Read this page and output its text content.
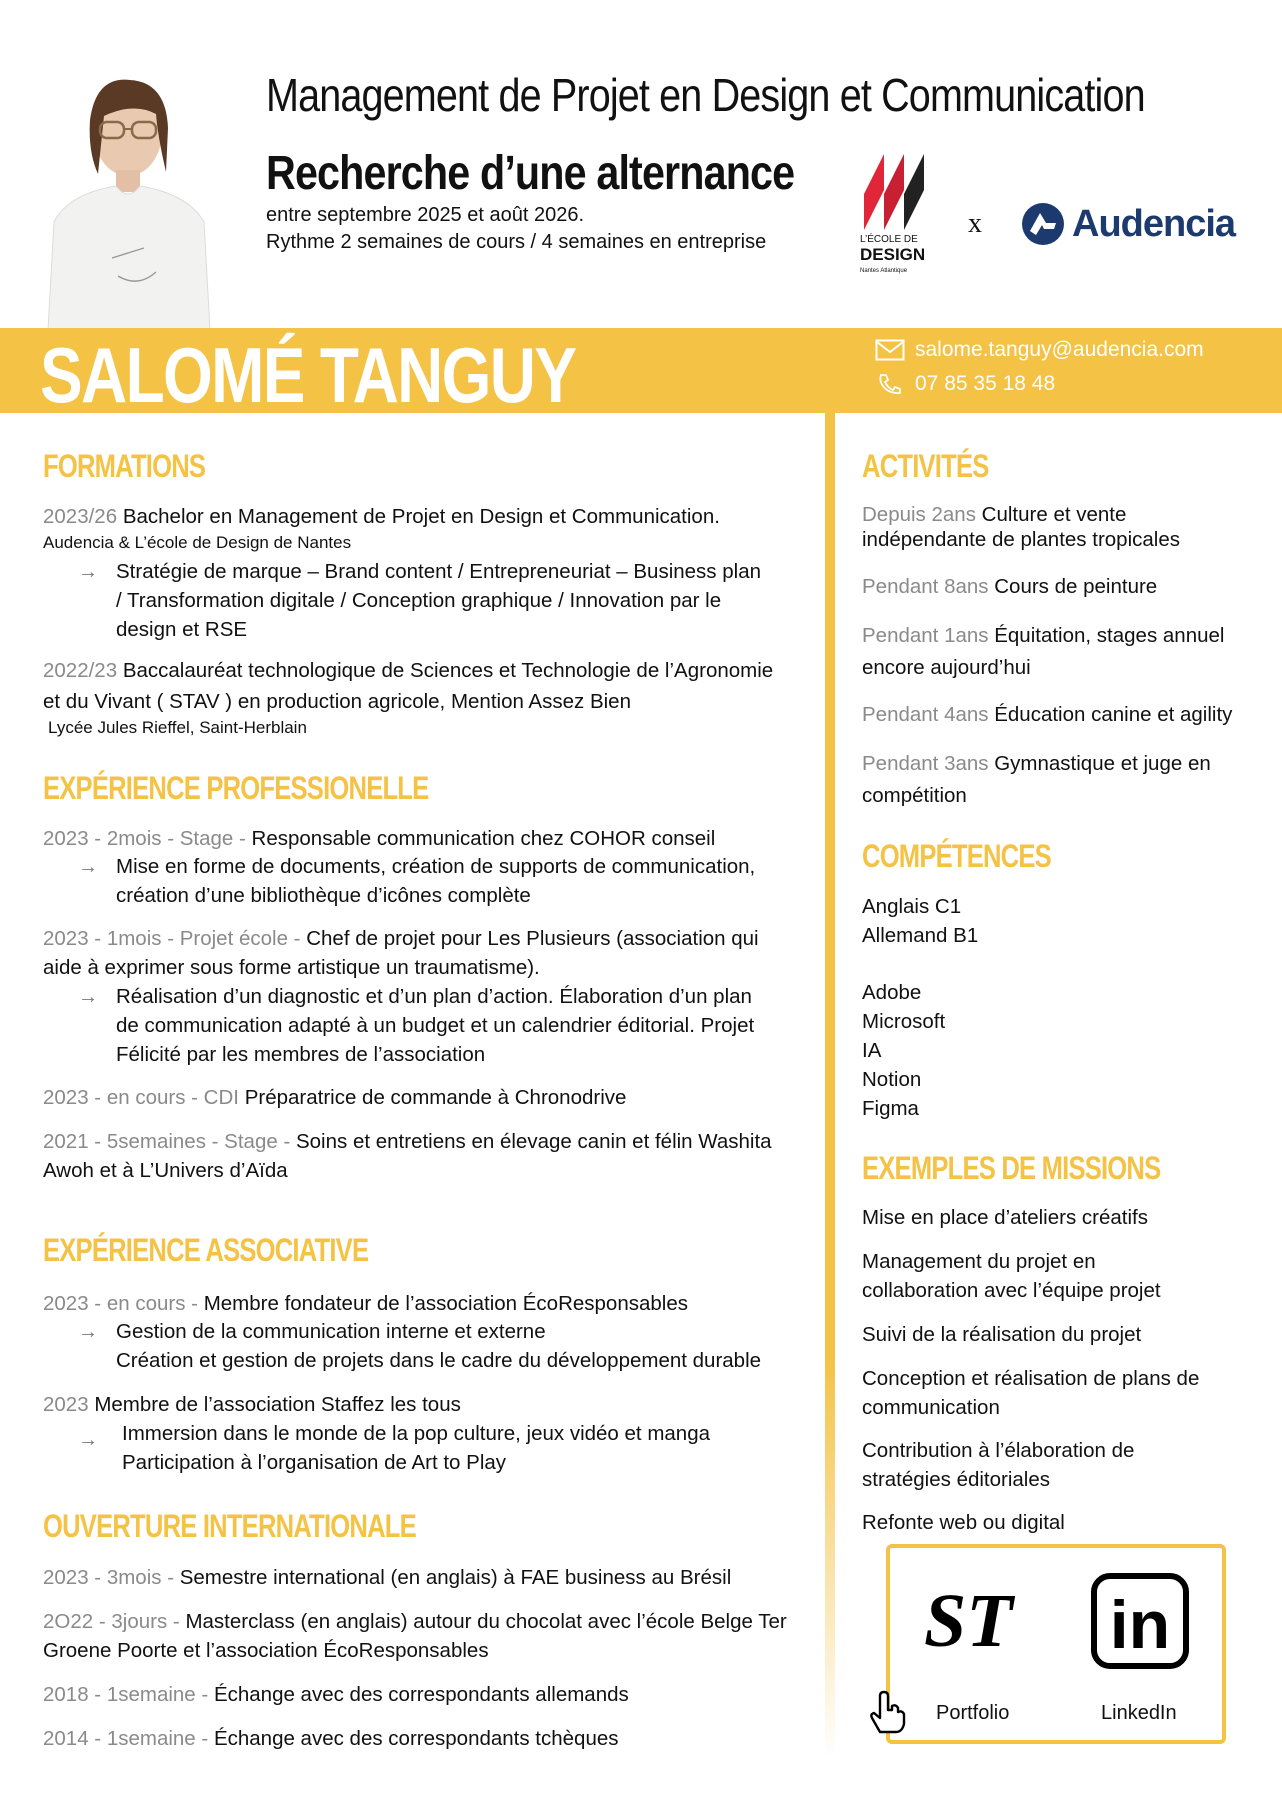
Management de Projet en Design et Communication
Recherche d’une alternance
entre septembre 2025 et août 2026.
Rythme 2 semaines de cours / 4 semaines en entreprise	L’ÉCOLE DE
DESIGN
Nantes Atlantique
x Audencia
SALOMÉ TANGUY	salome.tanguy@audencia.com
07 85 35 18 48
FORMATIONS
2023/26 Bachelor en Management de Projet en Design et Communication.
Audencia & L’école de Design de Nantes
→ Stratégie de marque – Brand content / Entrepreneuriat – Business plan
/ Transformation digitale / Conception graphique / Innovation par le
design et RSE
2022/23 Baccalauréat technologique de Sciences et Technologie de l’Agronomie
et du Vivant ( STAV ) en production agricole, Mention Assez Bien
Lycée Jules Rieffel, Saint-Herblain
EXPÉRIENCE PROFESSIONELLE
2023 - 2mois - Stage - Responsable communication chez COHOR conseil
→ Mise en forme de documents, création de supports de communication,
création d’une bibliothèque d’icônes complète
2023 - 1mois - Projet école - Chef de projet pour Les Plusieurs (association qui
aide à exprimer sous forme artistique un traumatisme).
→ Réalisation d’un diagnostic et d’un plan d’action. Élaboration d’un plan
de communication adapté à un budget et un calendrier éditorial. Projet
Félicité par les membres de l’association
2023 - en cours - CDI Préparatrice de commande à Chronodrive
2021 - 5semaines - Stage - Soins et entretiens en élevage canin et félin Washita
Awoh et à L’Univers d’Aïda
EXPÉRIENCE ASSOCIATIVE
2023 - en cours - Membre fondateur de l’association ÉcoResponsables
→ Gestion de la communication interne et externe
Création et gestion de projets dans le cadre du développement durable
2023 Membre de l’association Staffez les tous
→ Immersion dans le monde de la pop culture, jeux vidéo et manga
Participation à l’organisation de Art to Play
OUVERTURE INTERNATIONALE
2023 - 3mois - Semestre international (en anglais) à FAE business au Brésil
2O22 - 3jours - Masterclass (en anglais) autour du chocolat avec l’école Belge Ter
Groene Poorte et l’association ÉcoResponsables
2018 - 1semaine - Échange avec des correspondants allemands
2014 - 1semaine - Échange avec des correspondants tchèques
ACTIVITÉS
Depuis 2ans Culture et vente
indépendante de plantes tropicales
Pendant 8ans Cours de peinture
Pendant 1ans Équitation, stages annuel
encore aujourd’hui
Pendant 4ans Éducation canine et agility
Pendant 3ans Gymnastique et juge en
compétition
COMPÉTENCES
Anglais C1
Allemand B1
Adobe
Microsoft
IA
Notion
Figma
EXEMPLES DE MISSIONS
Mise en place d’ateliers créatifs
Management du projet en
collaboration avec l’équipe projet
Suivi de la réalisation du projet
Conception et réalisation de plans de
communication
Contribution à l’élaboration de
stratégies éditoriales
Refonte web ou digital
ST in
Portfolio	LinkedIn
